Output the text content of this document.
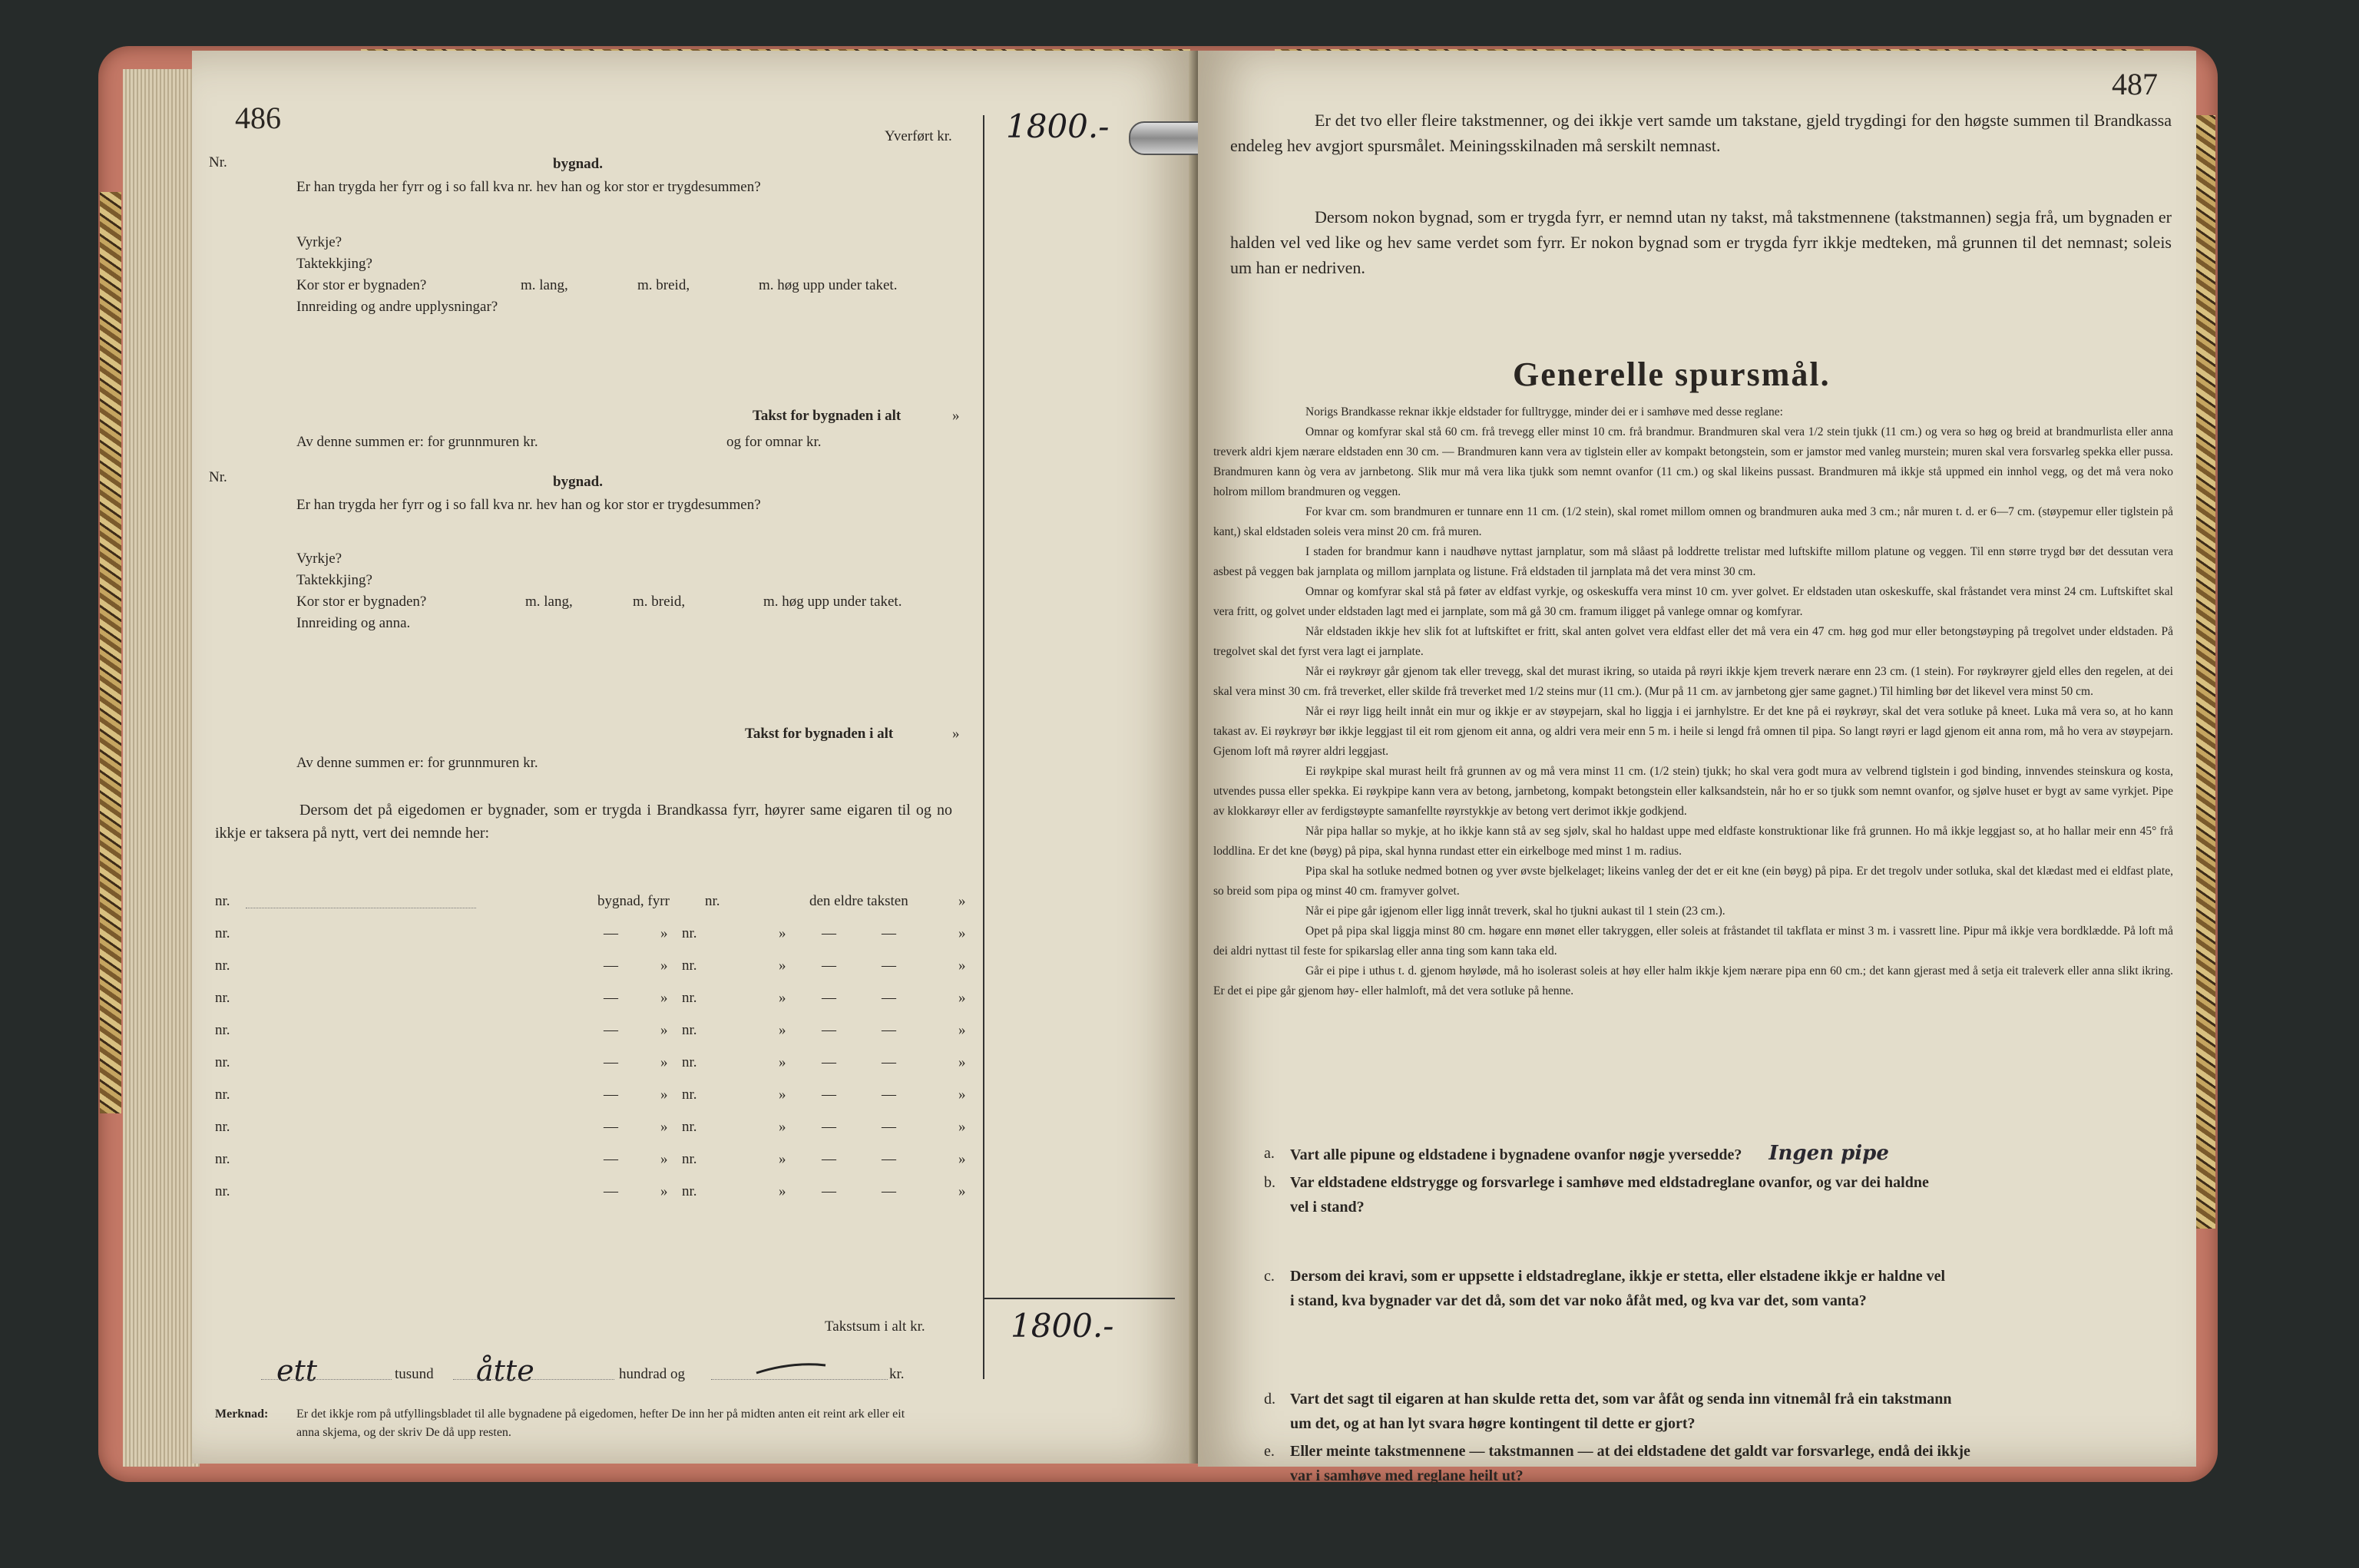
486
Yverført kr. 1800.-
Nr.	bygnad.
Er han trygda her fyrr og i so fall kva nr. hev han og kor stor er trygdesummen?
Vyrkje?
Taktekkjing?
Kor stor er bygnaden?	m. lang,	m. breid,	m. høg upp under taket.
Innreiding og andre upplysningar?
Takst for bygnaden i alt	»
Av denne summen er: for grunnmuren kr.	og for omnar kr.
Nr.	bygnad.
Er han trygda her fyrr og i so fall kva nr. hev han og kor stor er trygdesummen?
Vyrkje?
Taktekkjing?
Kor stor er bygnaden?	m. lang,	m. breid,	m. høg upp under taket.
Innreiding og anna.
Takst for bygnaden i alt	»
Av denne summen er: for grunnmuren kr.
Dersom det på eigedomen er bygnader, som er trygda i Brandkassa fyrr, høyrer same eigaren til og no ikkje er taksera på nytt, vert dei nemnde her:
nr.	bygnad, fyrr nr.	den eldre taksten	»
nr.	—	» nr.	» —	—	»
nr.	—	» nr.	» —	—	»
nr.	—	» nr.	» —	—	»
nr.	—	» nr.	» —	—	»
nr.	—	» nr.	» —	—	»
nr.	—	» nr.	» —	—	»
nr.	—	» nr.	» —	—	»
nr.	—	» nr.	» —	—	»
nr.	—	» nr.	» —	—	»
Takstsum i alt kr.	1800.-
ett	tusund åtte	hundrad og	kr.
Merknad: Er det ikkje rom på utfyllingsbladet til alle bygnadene på eigedomen, hefter De inn her på midten anten eit reint ark eller eit
anna skjema, og der skriv De då upp resten.
487
Er det tvo eller fleire takstmenner, og dei ikkje vert samde um takstane, gjeld trygdingi for den høgste summen til Brandkassa endeleg hev avgjort spursmålet. Meiningsskilnaden må serskilt nemnast.
Dersom nokon bygnad, som er trygda fyrr, er nemnd utan ny takst, må takstmennene (takstmannen) segja frå, um bygnaden er halden vel ved like og hev same verdet som fyrr. Er nokon bygnad som er trygda fyrr ikkje medteken, må grunnen til det nemnast; soleis um han er nedriven.
Generelle spursmål.

Norigs Brandkasse reknar ikkje eldstader for fulltrygge, minder dei er i samhøve med desse reglane:

Omnar og komfyrar skal stå 60 cm. frå trevegg eller minst 10 cm. frå brandmur. Brandmuren skal vera 1/2 stein tjukk (11 cm.) og vera so høg og breid at brandmurlista eller anna treverk aldri kjem nærare eldstaden enn 30 cm. — Brandmuren kann vera av tiglstein eller av kompakt betongstein, som er jamstor med vanleg murstein; muren skal vera forsvarleg spekka eller pussa. Brandmuren kann òg vera av jarnbetong. Slik mur må vera lika tjukk som nemnt ovanfor (11 cm.) og skal likeins pussast. Brandmuren må ikkje stå uppmed ein innhol vegg, og det må vera noko holrom millom brandmuren og veggen.

For kvar cm. som brandmuren er tunnare enn 11 cm. (1/2 stein), skal romet millom omnen og brandmuren auka med 3 cm.; når muren t. d. er 6—7 cm. (støypemur eller tiglstein på kant,) skal eldstaden soleis vera minst 20 cm. frå muren.

I staden for brandmur kann i naudhøve nyttast jarnplatur, som må slåast på loddrette trelistar med luftskifte millom platune og veggen. Til enn større trygd bør det dessutan vera asbest på veggen bak jarnplata og millom jarnplata og listune. Frå eldstaden til jarnplata må det vera minst 30 cm.

Omnar og komfyrar skal stå på føter av eldfast vyrkje, og oskeskuffa vera minst 10 cm. yver golvet. Er eldstaden utan oskeskuffe, skal fråstandet vera minst 24 cm. Luftskiftet skal vera fritt, og golvet under eldstaden lagt med ei jarnplate, som må gå 30 cm. framum iligget på vanlege omnar og komfyrar.

Når eldstaden ikkje hev slik fot at luftskiftet er fritt, skal anten golvet vera eldfast eller det må vera ein 47 cm. høg god mur eller betongstøyping på tregolvet under eldstaden. På tregolvet skal det fyrst vera lagt ei jarnplate.

Når ei røykrøyr går gjenom tak eller trevegg, skal det murast ikring, so utaida på røyri ikkje kjem treverk nærare enn 23 cm. (1 stein). For røykrøyrer gjeld elles den regelen, at dei skal vera minst 30 cm. frå treverket, eller skilde frå treverket med 1/2 steins mur (11 cm.). (Mur på 11 cm. av jarnbetong gjer same gagnet.) Til himling bør det likevel vera minst 50 cm.

Når ei røyr ligg heilt innåt ein mur og ikkje er av støypejarn, skal ho liggja i ei jarnhylstre. Er det kne på ei røykrøyr, skal det vera sotluke på kneet. Luka må vera so, at ho kann takast av. Ei røykrøyr bør ikkje leggjast til eit rom gjenom eit anna, og aldri vera meir enn 5 m. i heile si lengd frå omnen til pipa. So langt røyri er lagd gjenom eit anna rom, må ho vera av støypejarn. Gjenom loft må røyrer aldri leggjast.

Ei røykpipe skal murast heilt frå grunnen av og må vera minst 11 cm. (1/2 stein) tjukk; ho skal vera godt mura av velbrend tiglstein i god binding, innvendes steinskura og kosta, utvendes pussa eller spekka. Ei røykpipe kann vera av betong, jarnbetong, kompakt betongstein eller kalksandstein, når ho er so tjukk som nemnt ovanfor, og sjølve huset er bygt av same vyrkjet. Pipe av klokkarøyr eller av ferdigstøypte samanfellte røyrstykkje av betong vert derimot ikkje godkjend.

Når pipa hallar so mykje, at ho ikkje kann stå av seg sjølv, skal ho haldast uppe med eldfaste konstruktionar like frå grunnen. Ho må ikkje leggjast so, at ho hallar meir enn 45° frå loddlina. Er det kne (bøyg) på pipa, skal hynna rundast etter ein eirkelboge med minst 1 m. radius.

Pipa skal ha sotluke nedmed botnen og yver øvste bjelkelaget; likeins vanleg der det er eit kne (ein bøyg) på pipa. Er det tregolv under sotluka, skal det klædast med ei eldfast plate, so breid som pipa og minst 40 cm. framyver golvet.

Når ei pipe går igjenom eller ligg innåt treverk, skal ho tjukni aukast til 1 stein (23 cm.).

Opet på pipa skal liggja minst 80 cm. høgare enn mønet eller takryggen, eller soleis at fråstandet til takflata er minst 3 m. i vassrett line. Pipur må ikkje vera bordklædde. På loft må dei aldri nyttast til feste for spikarslag eller anna ting som kann taka eld.

Går ei pipe i uthus t. d. gjenom høyløde, må ho isolerast soleis at høy eller halm ikkje kjem nærare pipa enn 60 cm.; det kann gjerast med å setja eit traleverk eller anna slikt ikring. Er det ei pipe går gjenom høy- eller halmloft, må det vera sotluke på henne.

a. Vart alle pipune og eldstadene i bygnadene ovanfor nøgje yversedde? Ingen pipe
b. Var eldstadene eldstrygge og forsvarlege i samhøve med eldstadreglane ovanfor, og var dei haldne
vel i stand?
c. Dersom dei kravi, som er uppsette i eldstadreglane, ikkje er stetta, eller elstadene ikkje er haldne vel
i stand, kva bygnader var det då, som det var noko åfåt med, og kva var det, som vanta?
d. Vart det sagt til eigaren at han skulde retta det, som var åfåt og senda inn vitnemål frå ein takstmann
um det, og at han lyt svara høgre kontingent til dette er gjort?
e. Eller meinte takstmennene — takstmannen — at dei eldstadene det galdt var forsvarlege, endå dei ikkje
var i samhøve med reglane heilt ut?
